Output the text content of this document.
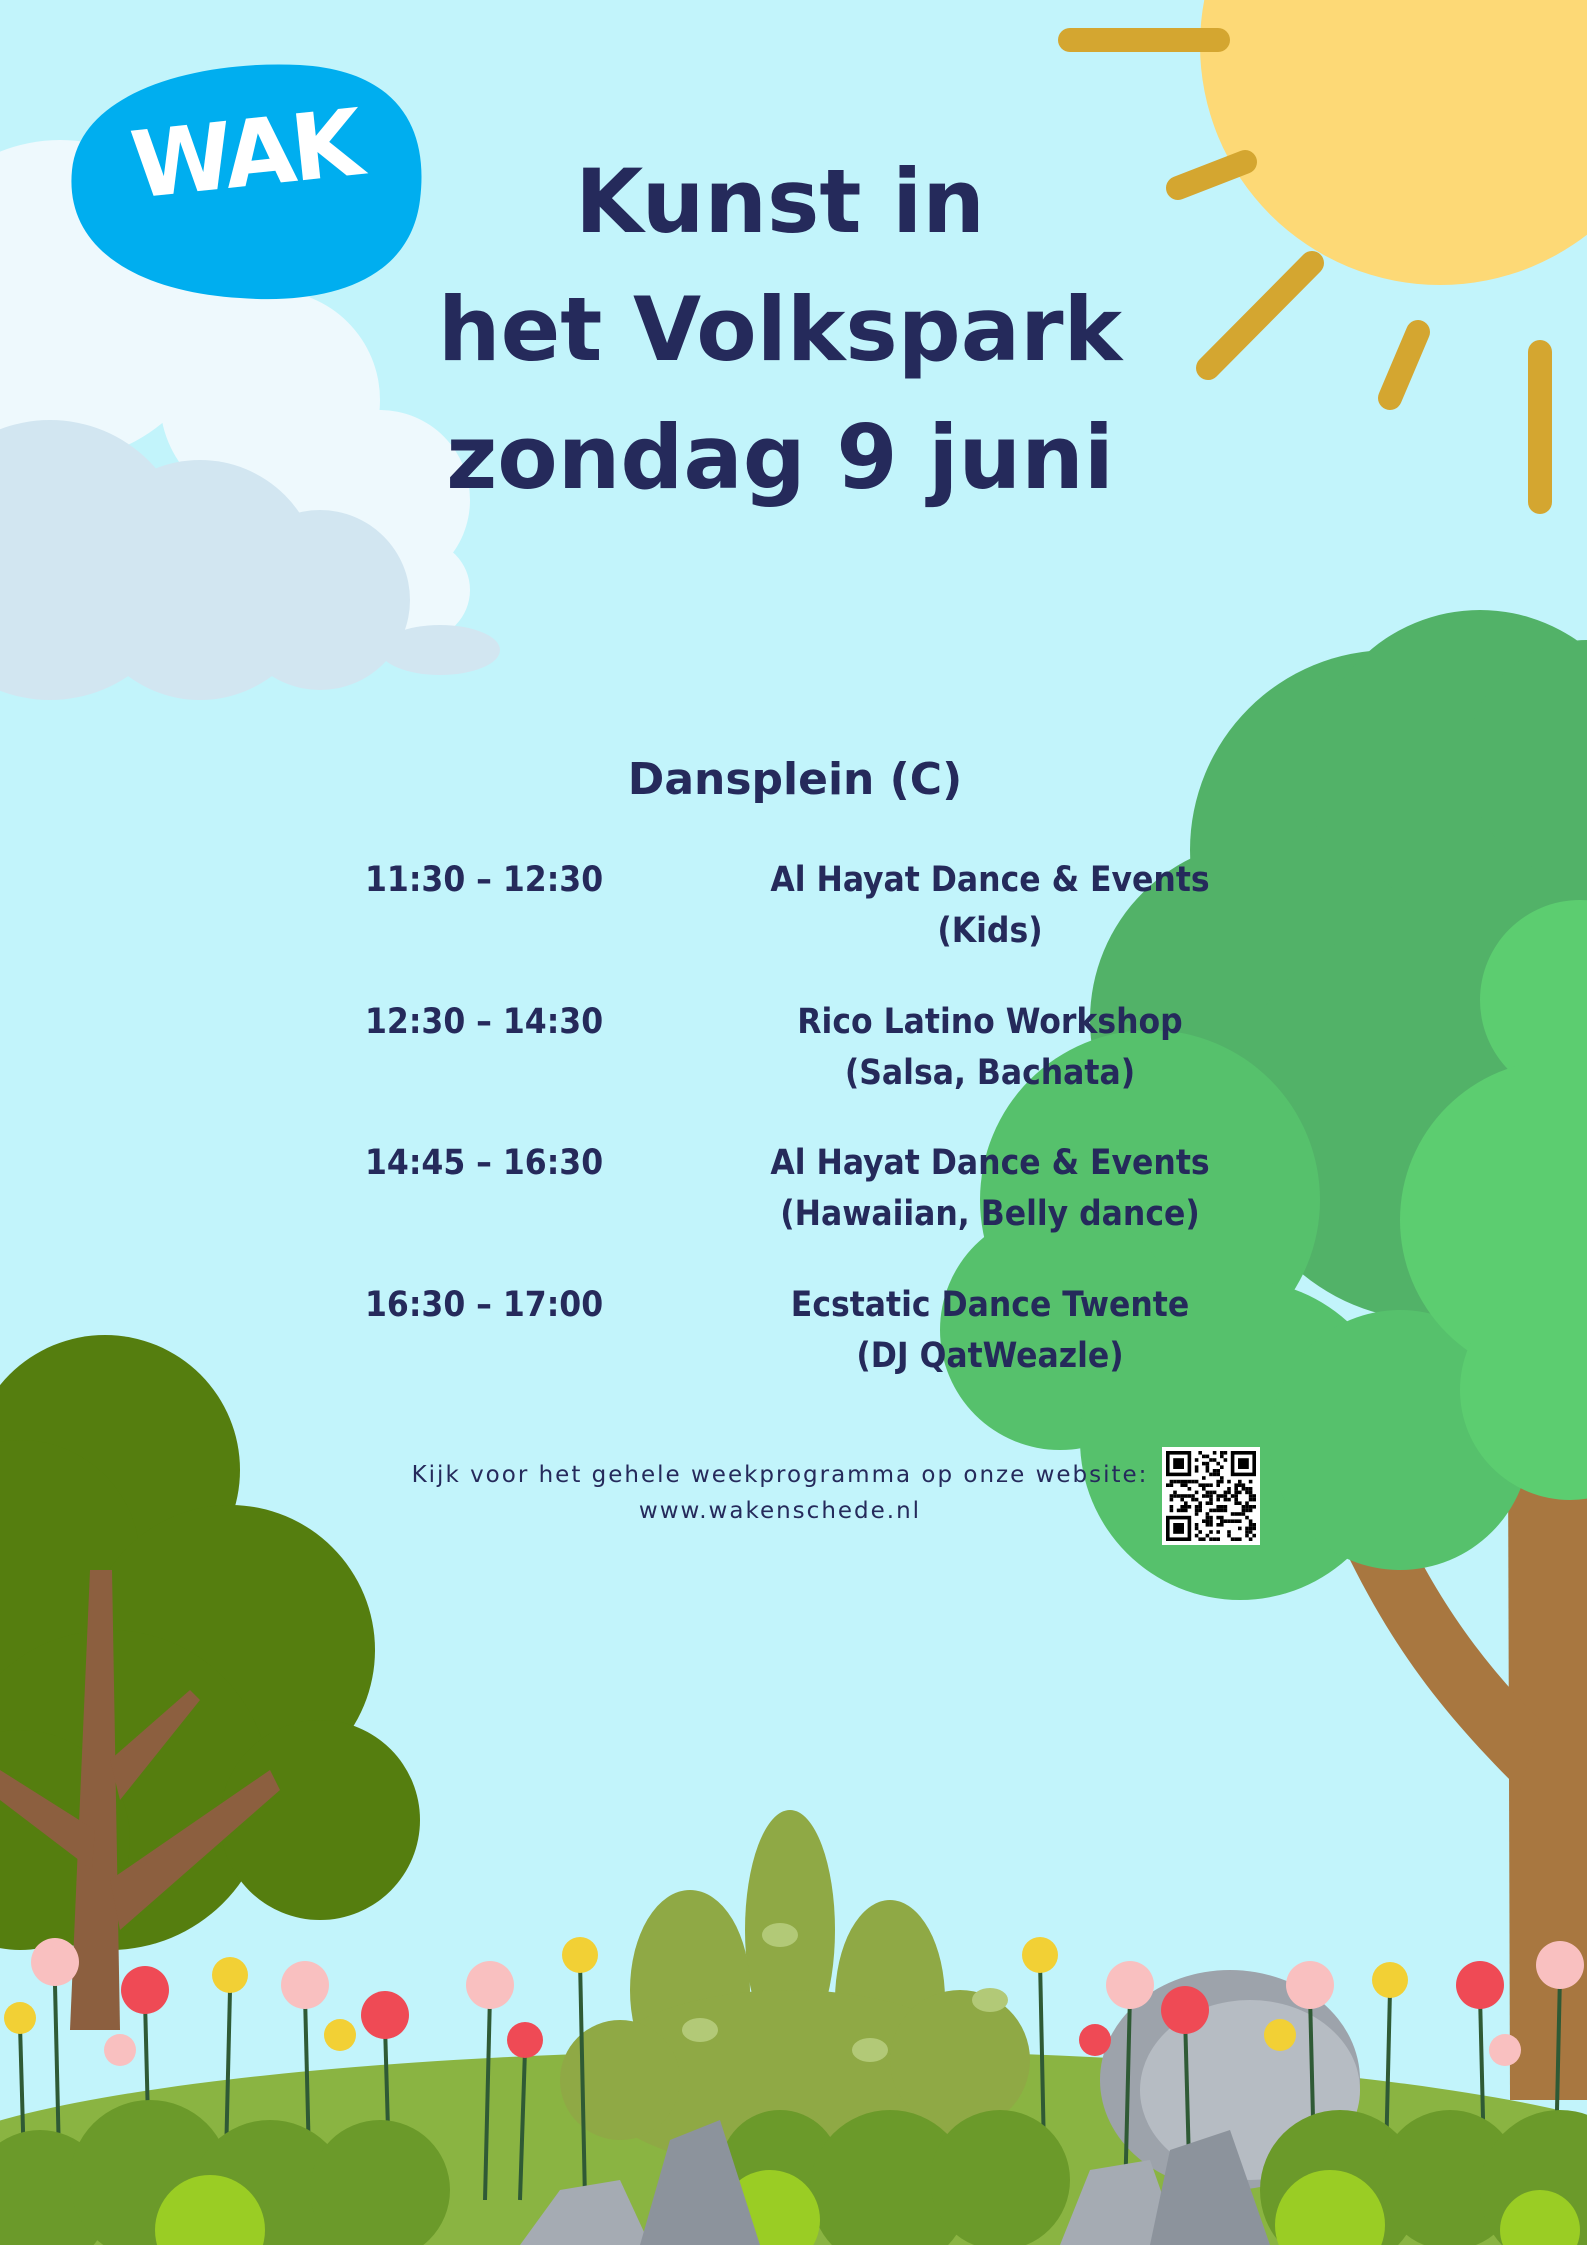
WAK	Kunst in
het Volkspark
zondag 9 juni
Dansplein (C)
11:30 – 12:30	Al Hayat Dance & Events
(Kids)
12:30 – 14:30	Rico Latino Workshop
(Salsa, Bachata)
14:45 – 16:30	Al Hayat Dance & Events
(Hawaiian, Belly dance)
16:30 – 17:00	Ecstatic Dance Twente
(DJ QatWeazle)
Kijk voor het gehele weekprogramma op onze website:
www.wakenschede.nl
